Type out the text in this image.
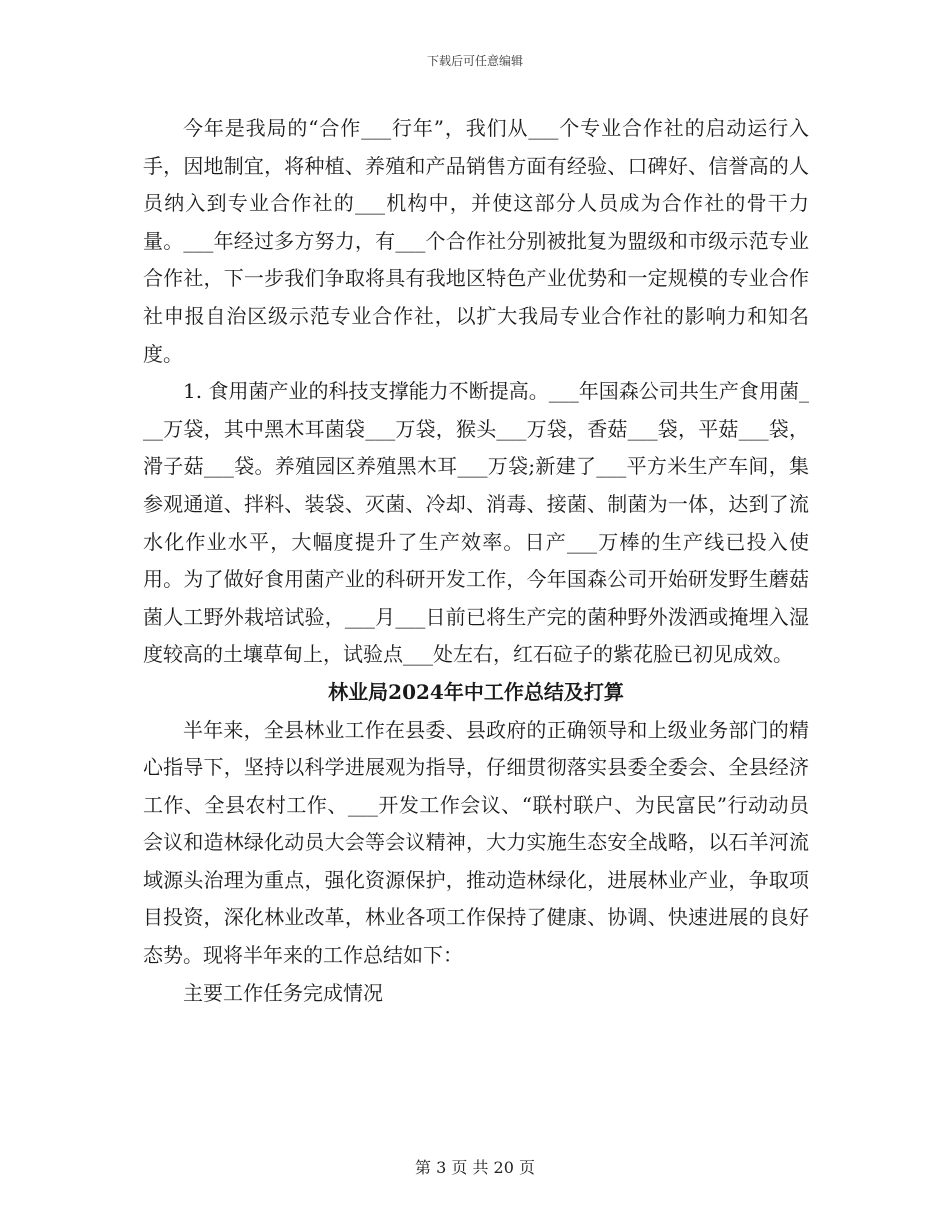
下载后可任意编辑

今年是我局的“合作___行年”，我们从___个专业合作社的启动运行入手，因地制宜，将种植、养殖和产品销售方面有经验、口碑好、信誉高的人员纳入到专业合作社的___机构中，并使这部分人员成为合作社的骨干力量。___年经过多方努力，有___个合作社分别被批复为盟级和市级示范专业合作社，下一步我们争取将具有我地区特色产业优势和一定规模的专业合作社申报自治区级示范专业合作社，以扩大我局专业合作社的影响力和知名度。

1. 食用菌产业的科技支撑能力不断提高。___年国森公司共生产食用菌___万袋，其中黑木耳菌袋___万袋，猴头___万袋，香菇___袋，平菇___袋，滑子菇___袋。养殖园区养殖黑木耳___万袋;新建了___平方米生产车间，集参观通道、拌料、装袋、灭菌、冷却、消毒、接菌、制菌为一体，达到了流水化作业水平，大幅度提升了生产效率。日产___万棒的生产线已投入使用。为了做好食用菌产业的科研开发工作，今年国森公司开始研发野生蘑菇菌人工野外栽培试验，___月___日前已将生产完的菌种野外泼洒或掩埋入湿度较高的土壤草甸上，试验点___处左右，红石砬子的紫花脸已初见成效。

林业局2024年中工作总结及打算

半年来，全县林业工作在县委、县政府的正确领导和上级业务部门的精心指导下，坚持以科学进展观为指导，仔细贯彻落实县委全委会、全县经济工作、全县农村工作、___开发工作会议、“联村联户、为民富民”行动动员会议和造林绿化动员大会等会议精神，大力实施生态安全战略，以石羊河流域源头治理为重点，强化资源保护，推动造林绿化，进展林业产业，争取项目投资，深化林业改革，林业各项工作保持了健康、协调、快速进展的良好态势。现将半年来的工作总结如下：

主要工作任务完成情况

第 3 页 共 20 页
